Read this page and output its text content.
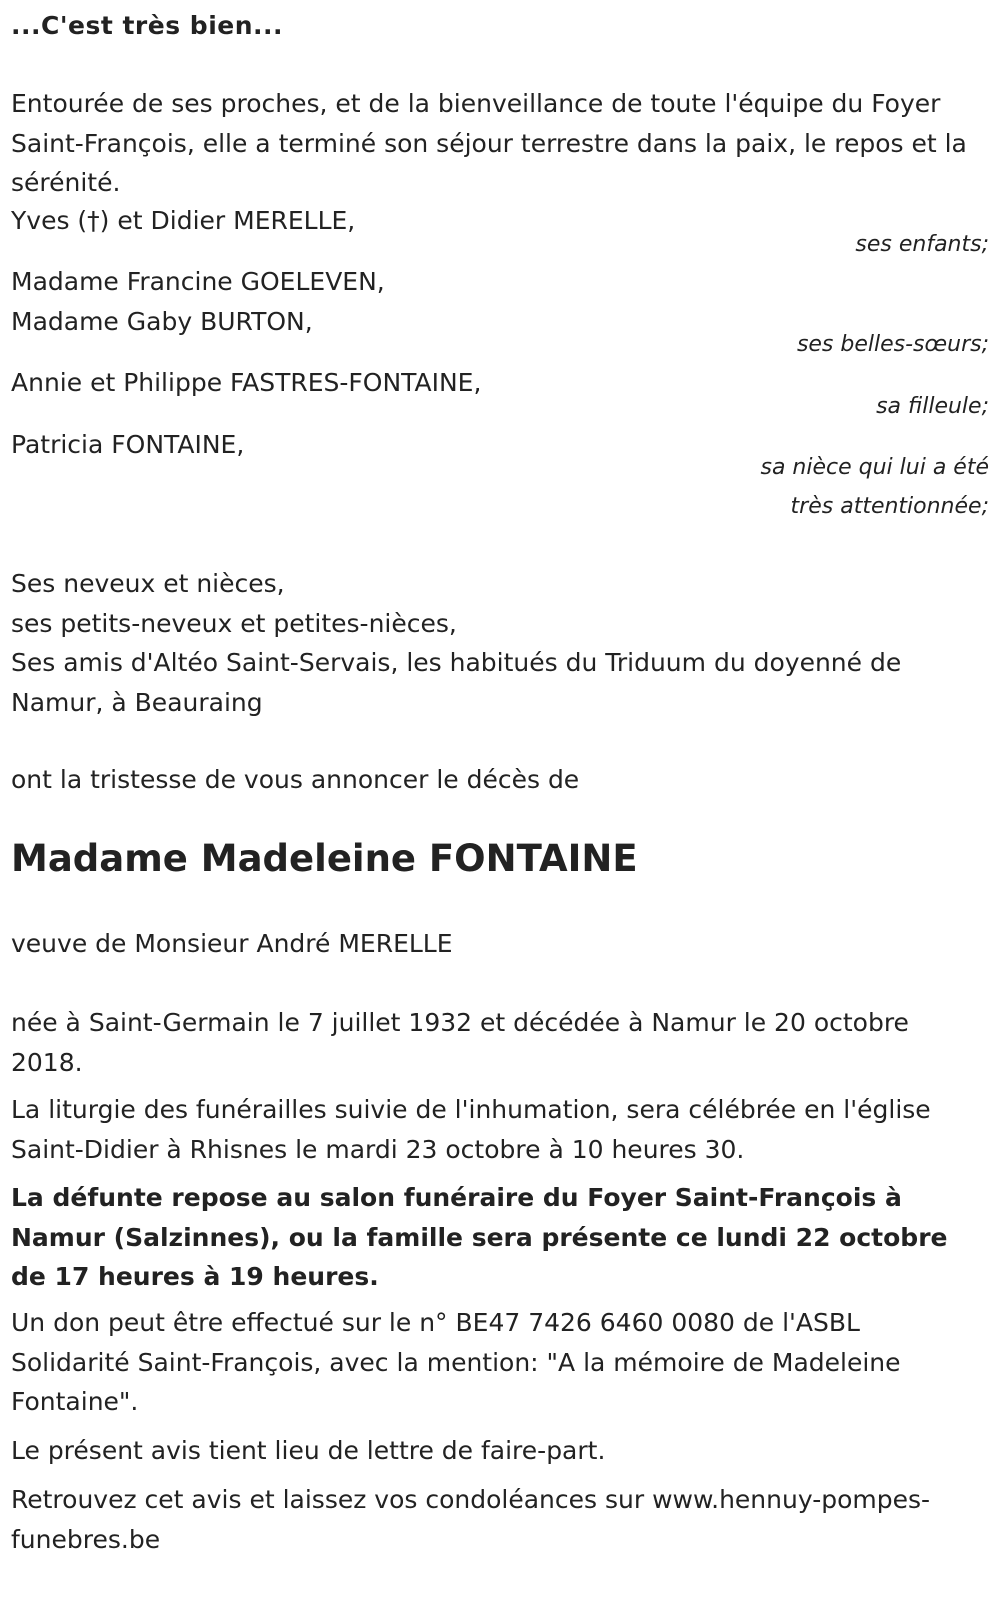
...C'est très bien...

Entourée de ses proches, et de la bienveillance de toute l'équipe du Foyer Saint-François, elle a terminé son séjour terrestre dans la paix, le repos et la sérénité.

Yves (†) et Didier MERELLE,

ses enfants;

Madame Francine GOELEVEN,

Madame Gaby BURTON,

ses belles-sœurs;

Annie et Philippe FASTRES-FONTAINE,

sa filleule;

Patricia FONTAINE,

sa nièce qui lui a été très attentionnée;

Ses neveux et nièces,

ses petits-neveux et petites-nièces,

Ses amis d'Altéo Saint-Servais, les habitués du Triduum du doyenné de Namur, à Beauraing

ont la tristesse de vous annoncer le décès de

Madame Madeleine FONTAINE

veuve de Monsieur André MERELLE

née à Saint-Germain le 7 juillet 1932 et décédée à Namur le 20 octobre 2018.

La liturgie des funérailles suivie de l'inhumation, sera célébrée en l'église Saint-Didier à Rhisnes le mardi 23 octobre à 10 heures 30.

La défunte repose au salon funéraire du Foyer Saint-François à Namur (Salzinnes), ou la famille sera présente ce lundi 22 octobre de 17 heures à 19 heures.

Un don peut être effectué sur le n° BE47 7426 6460 0080 de l'ASBL Solidarité Saint-François, avec la mention: "A la mémoire de Madeleine Fontaine".

Le présent avis tient lieu de lettre de faire-part.

Retrouvez cet avis et laissez vos condoléances sur www.hennuy-pompes-funebres.be
